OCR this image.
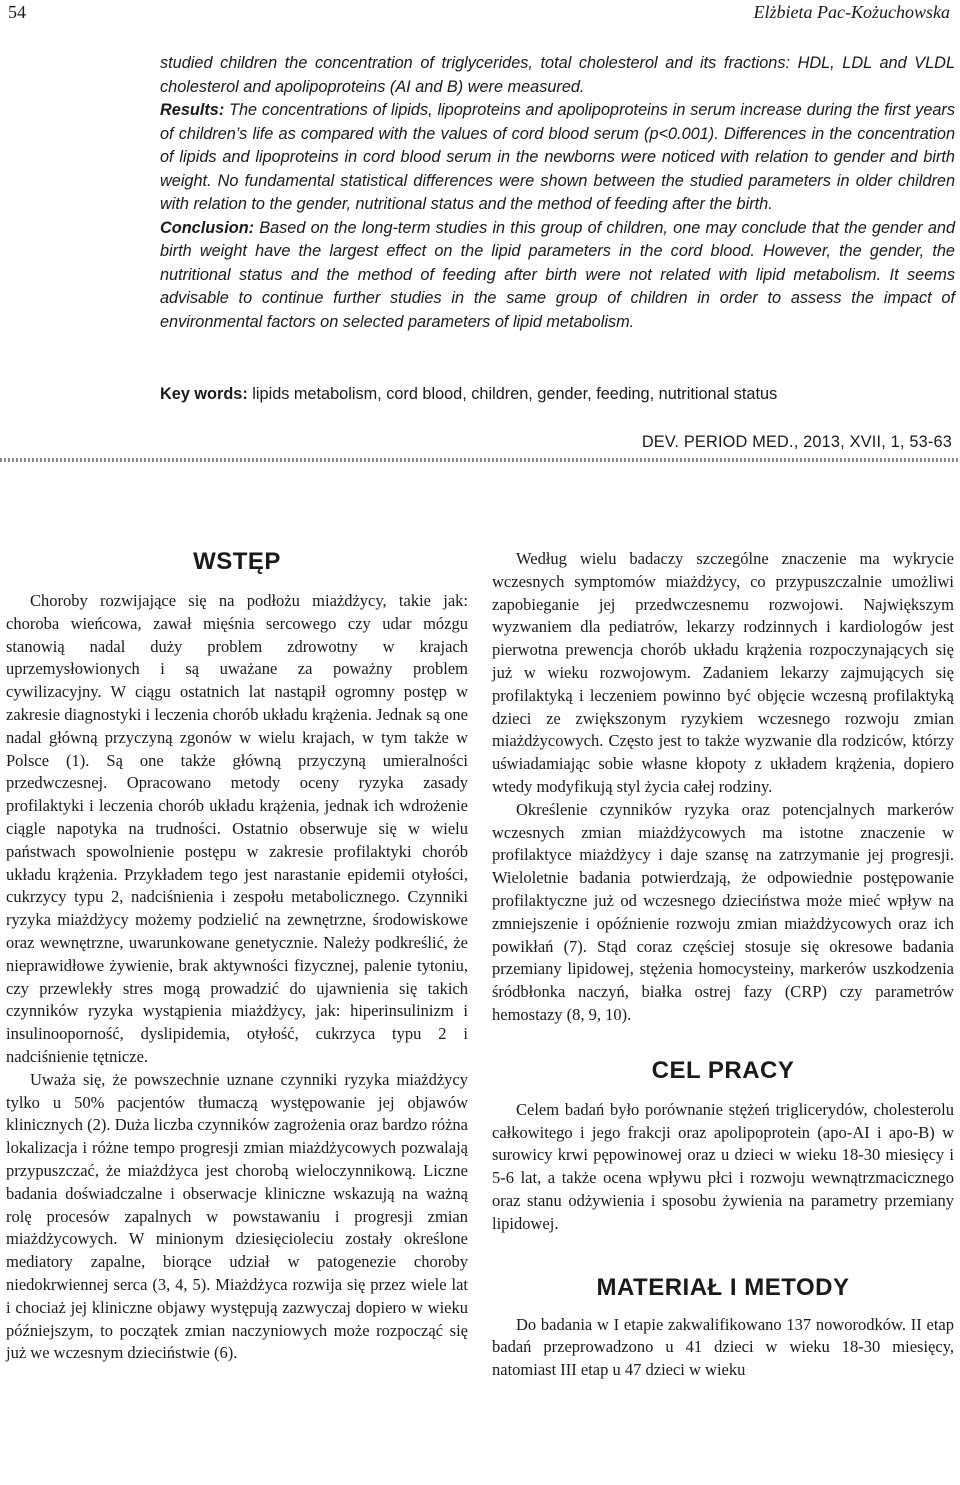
54	Elżbieta Pac-Kożuchowska

studied children the concentration of triglycerides, total cholesterol and its fractions: HDL, LDL and VLDL cholesterol and apolipoproteins (AI and B) were measured.

Results: The concentrations of lipids, lipoproteins and apolipoproteins in serum increase during the first years of children’s life as compared with the values of cord blood serum (p<0.001). Differences in the concentration of lipids and lipoproteins in cord blood serum in the newborns were noticed with relation to gender and birth weight. No fundamental statistical differences were shown between the studied parameters in older children with relation to the gender, nutritional status and the method of feeding after the birth.

Conclusion: Based on the long-term studies in this group of children, one may conclude that the gender and birth weight have the largest effect on the lipid parameters in the cord blood. However, the gender, the nutritional status and the method of feeding after birth were not related with lipid metabolism. It seems advisable to continue further studies in the same group of children in order to assess the impact of environmental factors on selected parameters of lipid metabolism.

Key words: lipids metabolism, cord blood, children, gender, feeding, nutritional status
DEV. PERIOD MED., 2013, XVII, 1, 53-63
WSTĘP

Choroby rozwijające się na podłożu miażdżycy, takie jak: choroba wieńcowa, zawał mięśnia sercowego czy udar mózgu stanowią nadal duży problem zdrowotny w krajach uprzemysłowionych i są uważane za poważny problem cywilizacyjny. W ciągu ostatnich lat nastąpił ogromny postęp w zakresie diagnostyki i leczenia chorób układu krążenia. Jednak są one nadal główną przyczyną zgonów w wielu krajach, w tym także w Polsce (1). Są one także główną przyczyną umieralności przedwczesnej. Opracowano metody oceny ryzyka zasady profilaktyki i leczenia chorób układu krążenia, jednak ich wdrożenie ciągle napotyka na trudności. Ostatnio obserwuje się w wielu państwach spowolnienie postępu w zakresie profilaktyki chorób układu krążenia. Przykładem tego jest narastanie epidemii otyłości, cukrzycy typu 2, nadciśnienia i zespołu metabolicznego. Czynniki ryzyka miażdżycy możemy podzielić na zewnętrzne, środowiskowe oraz wewnętrzne, uwarunkowane genetycznie. Należy podkreślić, że nieprawidłowe żywienie, brak aktywności fizycznej, palenie tytoniu, czy przewlekły stres mogą prowadzić do ujawnienia się takich czynników ryzyka wystąpienia miażdżycy, jak: hiperinsulinizm i insulinooporność, dyslipidemia, otyłość, cukrzyca typu 2 i nadciśnienie tętnicze.

Uważa się, że powszechnie uznane czynniki ryzyka miażdżycy tylko u 50% pacjentów tłumaczą występowanie jej objawów klinicznych (2). Duża liczba czynników zagrożenia oraz bardzo różna lokalizacja i różne tempo progresji zmian miażdżycowych pozwalają przypuszczać, że miażdżyca jest chorobą wieloczynnikową. Liczne badania doświadczalne i obserwacje kliniczne wskazują na ważną rolę procesów zapalnych w powstawaniu i progresji zmian miażdżycowych. W minionym dziesięcioleciu zostały określone mediatory zapalne, biorące udział w patogenezie choroby niedokrwiennej serca (3, 4, 5). Miażdżyca rozwija się przez wiele lat i chociaż jej kliniczne objawy występują zazwyczaj dopiero w wieku późniejszym, to początek zmian naczyniowych może rozpocząć się już we wczesnym dzieciństwie (6).

Według wielu badaczy szczególne znaczenie ma wykrycie wczesnych symptomów miażdżycy, co przypuszczalnie umożliwi zapobieganie jej przedwczesnemu rozwojowi. Największym wyzwaniem dla pediatrów, lekarzy rodzinnych i kardiologów jest pierwotna prewencja chorób układu krążenia rozpoczynających się już w wieku rozwojowym. Zadaniem lekarzy zajmujących się profilaktyką i leczeniem powinno być objęcie wczesną profilaktyką dzieci ze zwiększonym ryzykiem wczesnego rozwoju zmian miażdżycowych. Często jest to także wyzwanie dla rodziców, którzy uświadamiając sobie własne kłopoty z układem krążenia, dopiero wtedy modyfikują styl życia całej rodziny.

Określenie czynników ryzyka oraz potencjalnych markerów wczesnych zmian miażdżycowych ma istotne znaczenie w profilaktyce miażdżycy i daje szansę na zatrzymanie jej progresji. Wieloletnie badania potwierdzają, że odpowiednie postępowanie profilaktyczne już od wczesnego dzieciństwa może mieć wpływ na zmniejszenie i opóźnienie rozwoju zmian miażdżycowych oraz ich powikłań (7). Stąd coraz częściej stosuje się okresowe badania przemiany lipidowej, stężenia homocysteiny, markerów uszkodzenia śródbłonka naczyń, białka ostrej fazy (CRP) czy parametrów hemostazy (8, 9, 10).

CEL PRACY

Celem badań było porównanie stężeń triglicerydów, cholesterolu całkowitego i jego frakcji oraz apolipoprotein (apo-AI i apo-B) w surowicy krwi pępowinowej oraz u dzieci w wieku 18-30 miesięcy i 5-6 lat, a także ocena wpływu płci i rozwoju wewnątrzmacicznego oraz stanu odżywienia i sposobu żywienia na parametry przemiany lipidowej.

MATERIAŁ I METODY

Do badania w I etapie zakwalifikowano 137 noworodków. II etap badań przeprowadzono u 41 dzieci w wieku 18-30 miesięcy, natomiast III etap u 47 dzieci w wieku
